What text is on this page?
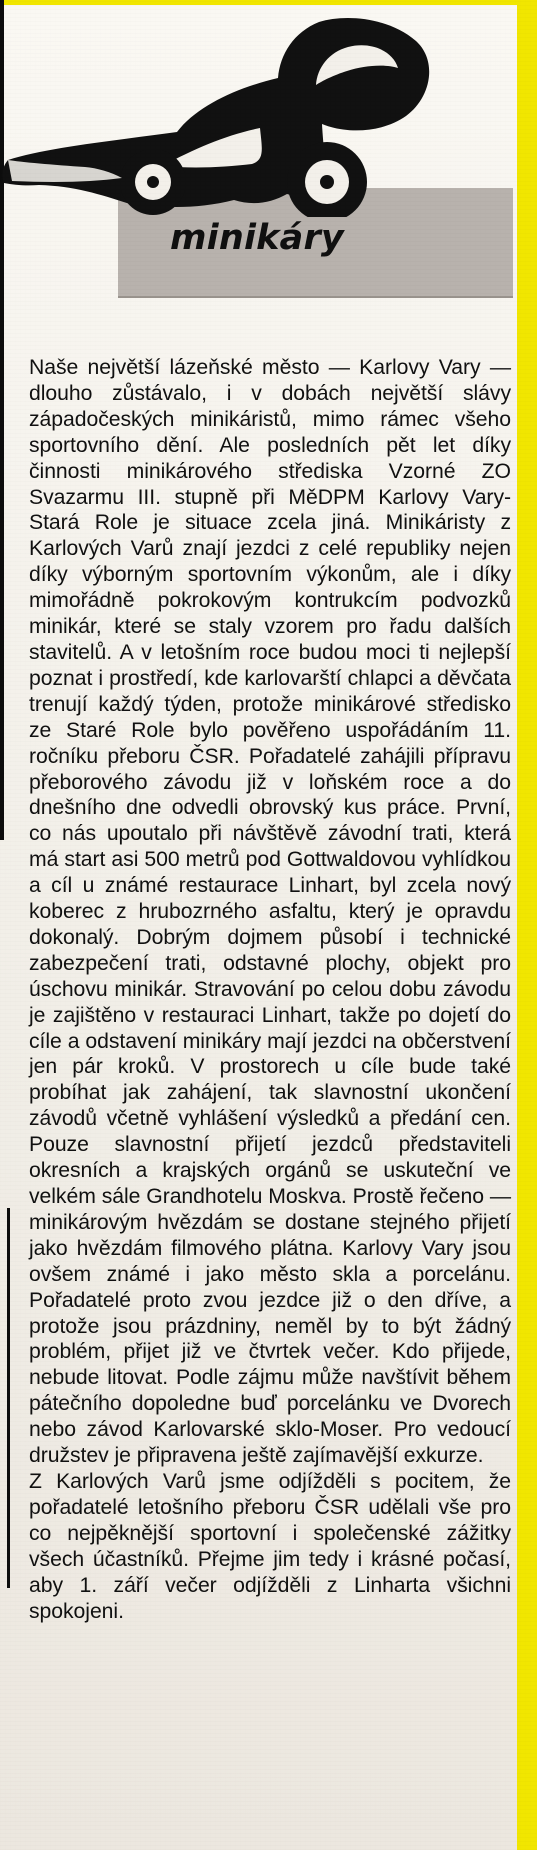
minikáry

Naše největší lázeňské město — Karlovy Vary — dlouho zůstávalo, i v dobách největší slávy západočeských minikáristů, mimo rámec všeho sportovního dění. Ale posledních pět let díky činnosti minikárového střediska Vzorné ZO Svazarmu III. stupně při MěDPM Karlovy Vary-Stará Role je situace zcela jiná. Minikáristy z Karlových Varů znají jezdci z celé republiky nejen díky výborným sportovním výkonům, ale i díky mimořádně pokrokovým kontrukcím podvozků minikár, které se staly vzorem pro řadu dalších stavitelů. A v letošním roce budou moci ti nejlepší poznat i prostředí, kde karlovarští chlapci a děvčata trenují každý týden, protože minikárové středisko ze Staré Role bylo pověřeno uspořádáním 11. ročníku přeboru ČSR. Pořadatelé zahájili přípravu přeborového závodu již v loňském roce a do dnešního dne odvedli obrovský kus práce. První, co nás upoutalo při návštěvě závodní trati, která má start asi 500 metrů pod Gottwaldovou vyhlídkou a cíl u známé restaurace Linhart, byl zcela nový koberec z hrubozrného asfaltu, který je opravdu dokonalý. Dobrým dojmem působí i technické zabezpečení trati, odstavné plochy, objekt pro úschovu minikár. Stravování po celou dobu závodu je zajištěno v restauraci Linhart, takže po dojetí do cíle a odstavení minikáry mají jezdci na občerstvení jen pár kroků. V prostorech u cíle bude také probíhat jak zahájení, tak slavnostní ukončení závodů včetně vyhlášení výsledků a předání cen. Pouze slavnostní přijetí jezdců představiteli okresních a krajských orgánů se uskuteční ve velkém sále Grandhotelu Moskva. Prostě řečeno — minikárovým hvězdám se dostane stejného přijetí jako hvězdám filmového plátna. Karlovy Vary jsou ovšem známé i jako město skla a porcelánu. Pořadatelé proto zvou jezdce již o den dříve, a protože jsou prázdniny, neměl by to být žádný problém, přijet již ve čtvrtek večer. Kdo přijede, nebude litovat. Podle zájmu může navštívit během pátečního dopoledne buď porcelánku ve Dvorech nebo závod Karlovarské sklo-Moser. Pro vedoucí družstev je připravena ještě zajímavější exkurze.

Z Karlových Varů jsme odjížděli s pocitem, že pořadatelé letošního přeboru ČSR udělali vše pro co nejpěknější sportovní i společenské zážitky všech účastníků. Přejme jim tedy i krásné počasí, aby 1. září večer odjížděli z Linharta všichni spokojeni.
